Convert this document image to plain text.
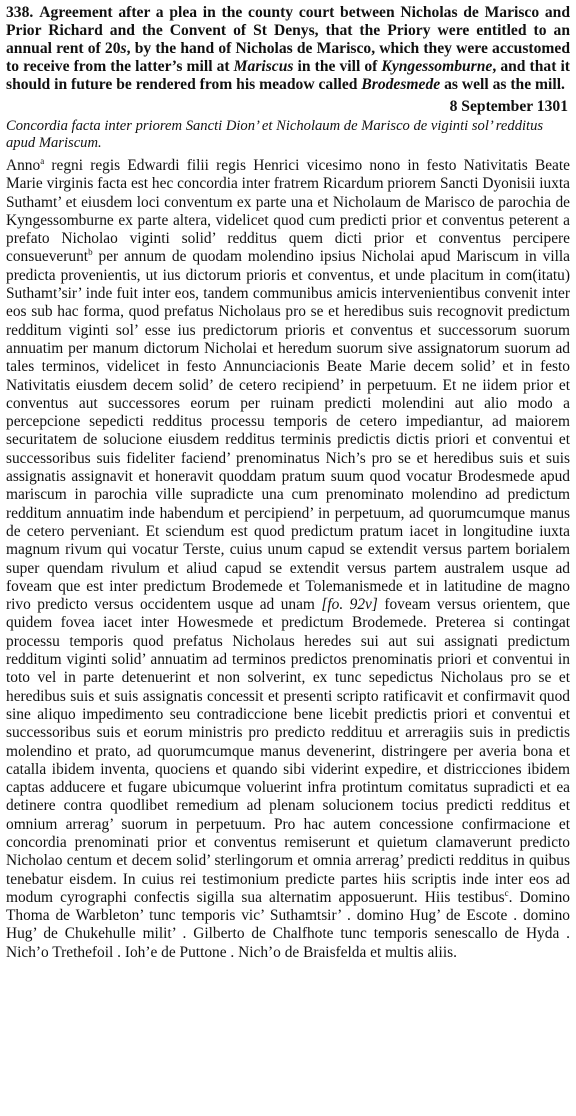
338. Agreement after a plea in the county court between Nicholas de Marisco and Prior Richard and the Convent of St Denys, that the Priory were entitled to an annual rent of 20s, by the hand of Nicholas de Marisco, which they were accustomed to receive from the latter’s mill at Mariscus in the vill of Kyngessomburne, and that it should in future be rendered from his meadow called Brodesmede as well as the mill.

8 September 1301

Concordia facta inter priorem Sancti Dion’ et Nicholaum de Marisco de viginti sol’ redditus apud Mariscum.

Anno$^a$ regni regis Edwardi filii regis Henrici vicesimo nono in festo Nativitatis Beate Marie virginis facta est hec concordia inter fratrem Ricardum priorem Sancti Dyonisii iuxta Suthamt’ et eiusdem loci conventum ex parte una et Nicholaum de Marisco de parochia de Kyngessomburne ex parte altera, videlicet quod cum predicti prior et conventus peterent a prefato Nicholao viginti solid’ redditus quem dicti prior et conventus percipere consueverunt$^b$ per annum de quodam molendino ipsius Nicholai apud Mariscum in villa predicta provenientis, ut ius dictorum prioris et conventus, et unde placitum in com(itatu) Suthamt’sir’ inde fuit inter eos, tandem communibus amicis intervenientibus convenit inter eos sub hac forma, quod prefatus Nicholaus pro se et heredibus suis recognovit predictum redditum viginti sol’ esse ius predictorum prioris et conventus et successorum suorum annuatim per manum dictorum Nicholai et heredum suorum sive assignatorum suorum ad tales terminos, videlicet in festo Annunciacionis Beate Marie decem solid’ et in festo Nativitatis eiusdem decem solid’ de cetero recipiend’ in perpetuum. Et ne iidem prior et conventus aut successores eorum per ruinam predicti molendini aut alio modo a percepcione sepedicti redditus processu temporis de cetero impediantur, ad maiorem securitatem de solucione eiusdem redditus terminis predictis dictis priori et conventui et successoribus suis fideliter faciend’ prenominatus Nich’s pro se et heredibus suis et suis assignatis assignavit et honeravit quoddam pratum suum quod vocatur Brodesmede apud mariscum in parochia ville supradicte una cum prenominato molendino ad predictum redditum annuatim inde habendum et percipiend’ in perpetuum, ad quorumcumque manus de cetero perveniant. Et sciendum est quod predictum pratum iacet in longitudine iuxta magnum rivum qui vocatur Terste, cuius unum capud se extendit versus partem borialem super quendam rivulum et aliud capud se extendit versus partem australem usque ad foveam que est inter predictum Brodemede et Tolemanismede et in latitudine de magno rivo predicto versus occidentem usque ad unam [fo. 92v] foveam versus orientem, que quidem fovea iacet inter Howesmede et predictum Brodemede. Preterea si contingat processu temporis quod prefatus Nicholaus heredes sui aut sui assignati predictum redditum viginti solid’ annuatim ad terminos predictos prenominatis priori et conventui in toto vel in parte detenuerint et non solverint, ex tunc sepedictus Nicholaus pro se et heredibus suis et suis assignatis concessit et presenti scripto ratificavit et confirmavit quod sine aliquo impedimento seu contradiccione bene licebit predictis priori et conventui et successoribus suis et eorum ministris pro predicto reddituu et arreragiis suis in predictis molendino et prato, ad quorumcumque manus devenerint, distringere per averia bona et catalla ibidem inventa, quociens et quando sibi viderint expedire, et districciones ibidem captas adducere et fugare ubicumque voluerint infra protintum comitatus supradicti et ea detinere contra quodlibet remedium ad plenam solucionem tocius predicti redditus et omnium arrerag’ suorum in perpetuum. Pro hac autem concessione confirmacione et concordia prenominati prior et conventus remiserunt et quietum clamaverunt predicto Nicholao centum et decem solid’ sterlingorum et omnia arrerag’ predicti redditus in quibus tenebatur eisdem. In cuius rei testimonium predicte partes hiis scriptis inde inter eos ad modum cyrographi confectis sigilla sua alternatim apposuerunt. Hiis testibus$^c$. Domino Thoma de Warbleton’ tunc temporis vic’ Suthamtsir’ . domino Hug’ de Escote . domino Hug’ de Chukehulle milit’ . Gilberto de Chalfhote tunc temporis senescallo de Hyda . Nich’o Trethefoil . Ioh’e de Puttone . Nich’o de Braisfelda et multis aliis.
